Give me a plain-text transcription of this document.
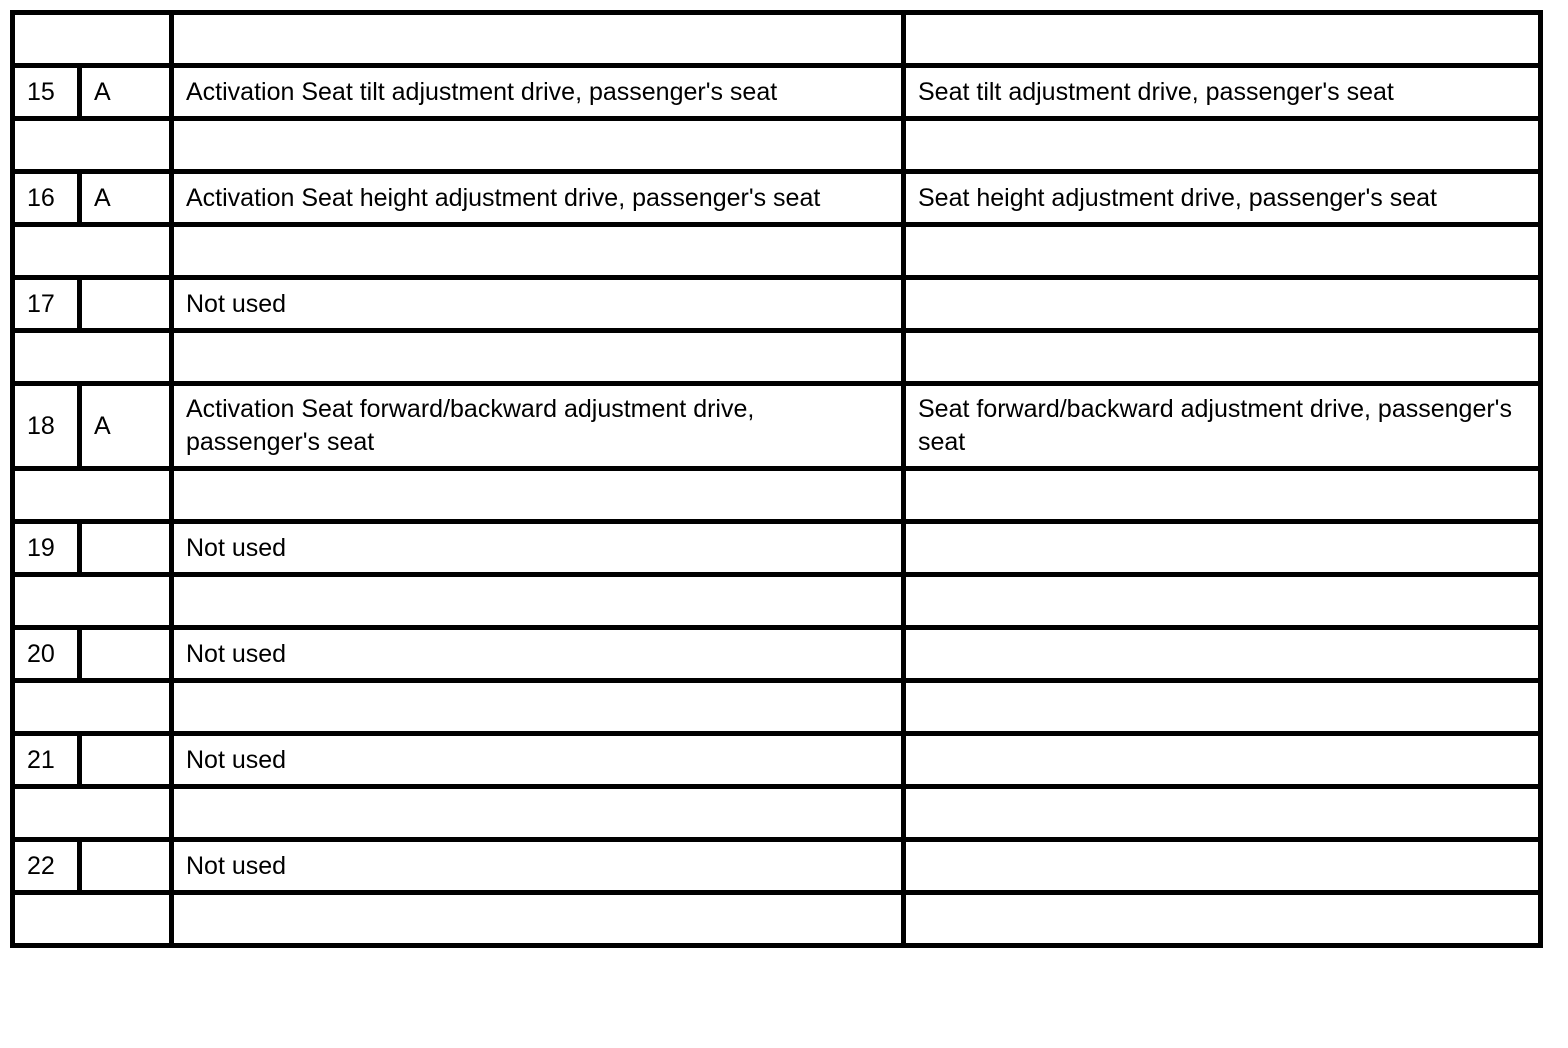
15	A	Activation Seat tilt adjustment drive, passenger's seat	Seat tilt adjustment drive, passenger's seat

16	A	Activation Seat height adjustment drive, passenger's seat	Seat height adjustment drive, passenger's seat

17		Not used	

18	A	Activation Seat forward/backward adjustment drive, passenger's seat	Seat forward/backward adjustment drive, passenger's seat

19		Not used	

20		Not used	

21		Not used	

22		Not used	
